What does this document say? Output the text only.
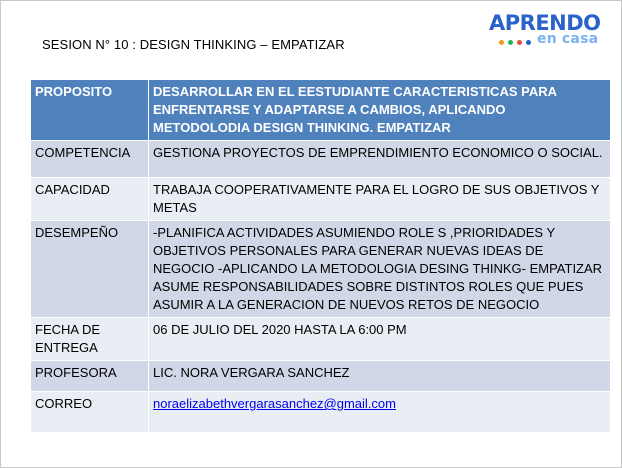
SESION N° 10 : DESIGN THINKING – EMPATIZAR
APRENDO
en casa
PROPOSITO	DESARROLLAR EN EL EESTUDIANTE CARACTERISTICAS PARA ENFRENTARSE Y ADAPTARSE A CAMBIOS, APLICANDO METODOLODIA DESIGN THINKING. EMPATIZAR
COMPETENCIA	GESTIONA PROYECTOS DE EMPRENDIMIENTO ECONOMICO O SOCIAL.
CAPACIDAD	TRABAJA COOPERATIVAMENTE PARA EL LOGRO DE SUS OBJETIVOS Y METAS
DESEMPEÑO	-PLANIFICA ACTIVIDADES ASUMIENDO ROLE S ,PRIORIDADES Y OBJETIVOS PERSONALES PARA GENERAR NUEVAS IDEAS DE NEGOCIO -APLICANDO LA METODOLOGIA DESING THINKG- EMPATIZAR ASUME RESPONSABILIDADES SOBRE DISTINTOS ROLES QUE PUES ASUMIR A LA GENERACION DE NUEVOS RETOS DE NEGOCIO
FECHA DE ENTREGA	06 DE JULIO DEL 2020 HASTA LA 6:00 PM
PROFESORA	LIC. NORA VERGARA SANCHEZ
CORREO	noraelizabethvergarasanchez@gmail.com
